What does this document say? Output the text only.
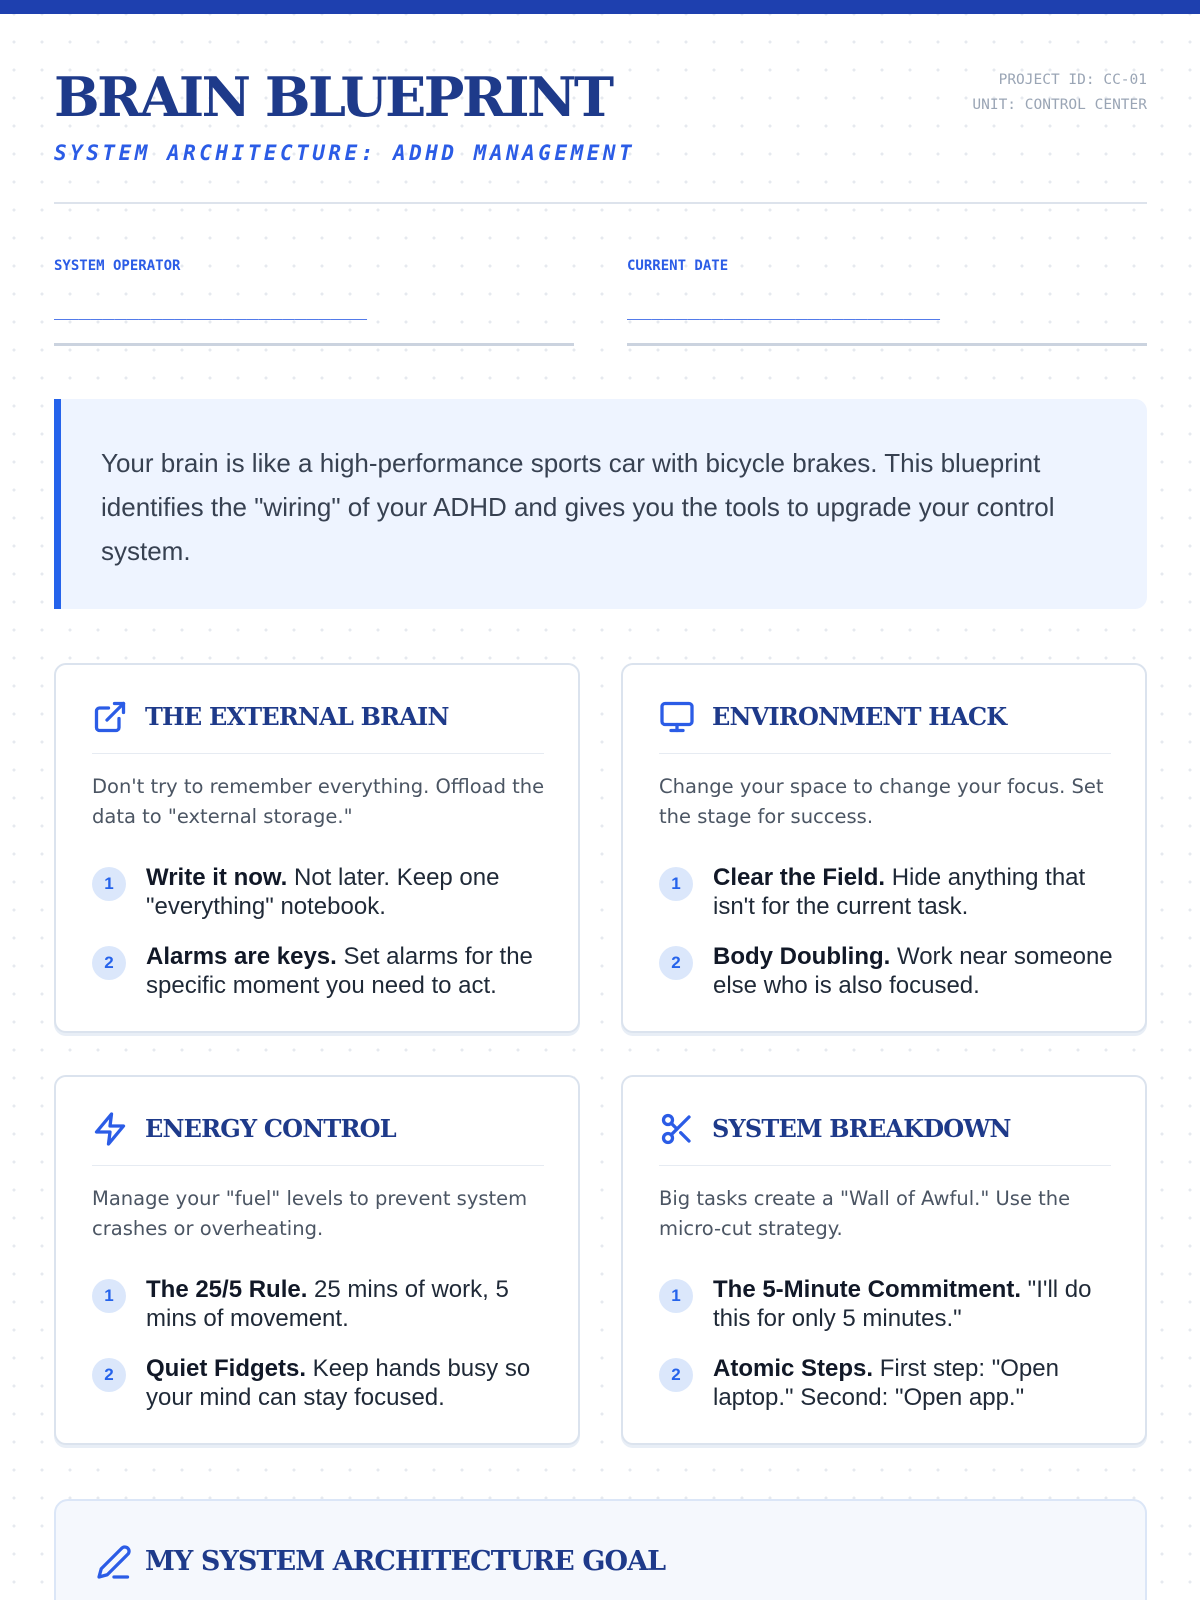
BRAIN BLUEPRINT
SYSTEM ARCHITECTURE: ADHD MANAGEMENT
PROJECT ID: CC-01
UNIT: CONTROL CENTER
SYSTEM OPERATOR
__________________________
CURRENT DATE
__________________________
Your brain is like a high-performance sports car with bicycle brakes. This blueprint identifies the "wiring" of your ADHD and gives you the tools to upgrade your control system.
THE EXTERNAL BRAIN
Don't try to remember everything. Offload the data to "external storage."
1	Write it now. Not later. Keep one "everything" notebook.
2	Alarms are keys. Set alarms for the specific moment you need to act.
ENVIRONMENT HACK
Change your space to change your focus. Set the stage for success.
1	Clear the Field. Hide anything that isn't for the current task.
2	Body Doubling. Work near someone else who is also focused.
ENERGY CONTROL
Manage your "fuel" levels to prevent system crashes or overheating.
1	The 25/5 Rule. 25 mins of work, 5 mins of movement.
2	Quiet Fidgets. Keep hands busy so your mind can stay focused.
SYSTEM BREAKDOWN
Big tasks create a "Wall of Awful." Use the micro-cut strategy.
1	The 5-Minute Commitment. "I'll do this for only 5 minutes."
2	Atomic Steps. First step: "Open laptop." Second: "Open app."
MY SYSTEM ARCHITECTURE GOAL
